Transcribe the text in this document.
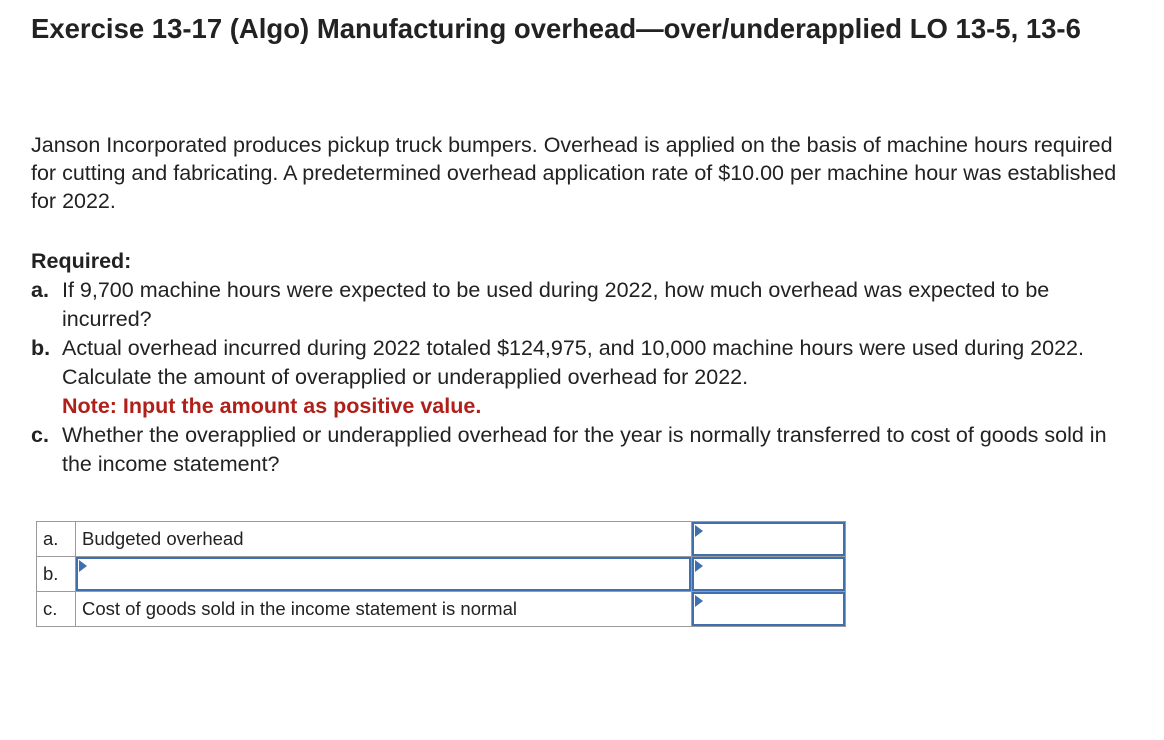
Exercise 13-17 (Algo) Manufacturing overhead—over/underapplied LO 13-5, 13-6

Janson Incorporated produces pickup truck bumpers. Overhead is applied on the basis of machine hours required for cutting and fabricating. A predetermined overhead application rate of $10.00 per machine hour was established for 2022.

Required:
a. If 9,700 machine hours were expected to be used during 2022, how much overhead was expected to be incurred?
b. Actual overhead incurred during 2022 totaled $124,975, and 10,000 machine hours were used during 2022. Calculate the amount of overapplied or underapplied overhead for 2022.
Note: Input the amount as positive value.
c. Whether the overapplied or underapplied overhead for the year is normally transferred to cost of goods sold in the income statement?
a.	Budgeted overhead	

b.	

c.	Cost of goods sold in the income statement is normal	
